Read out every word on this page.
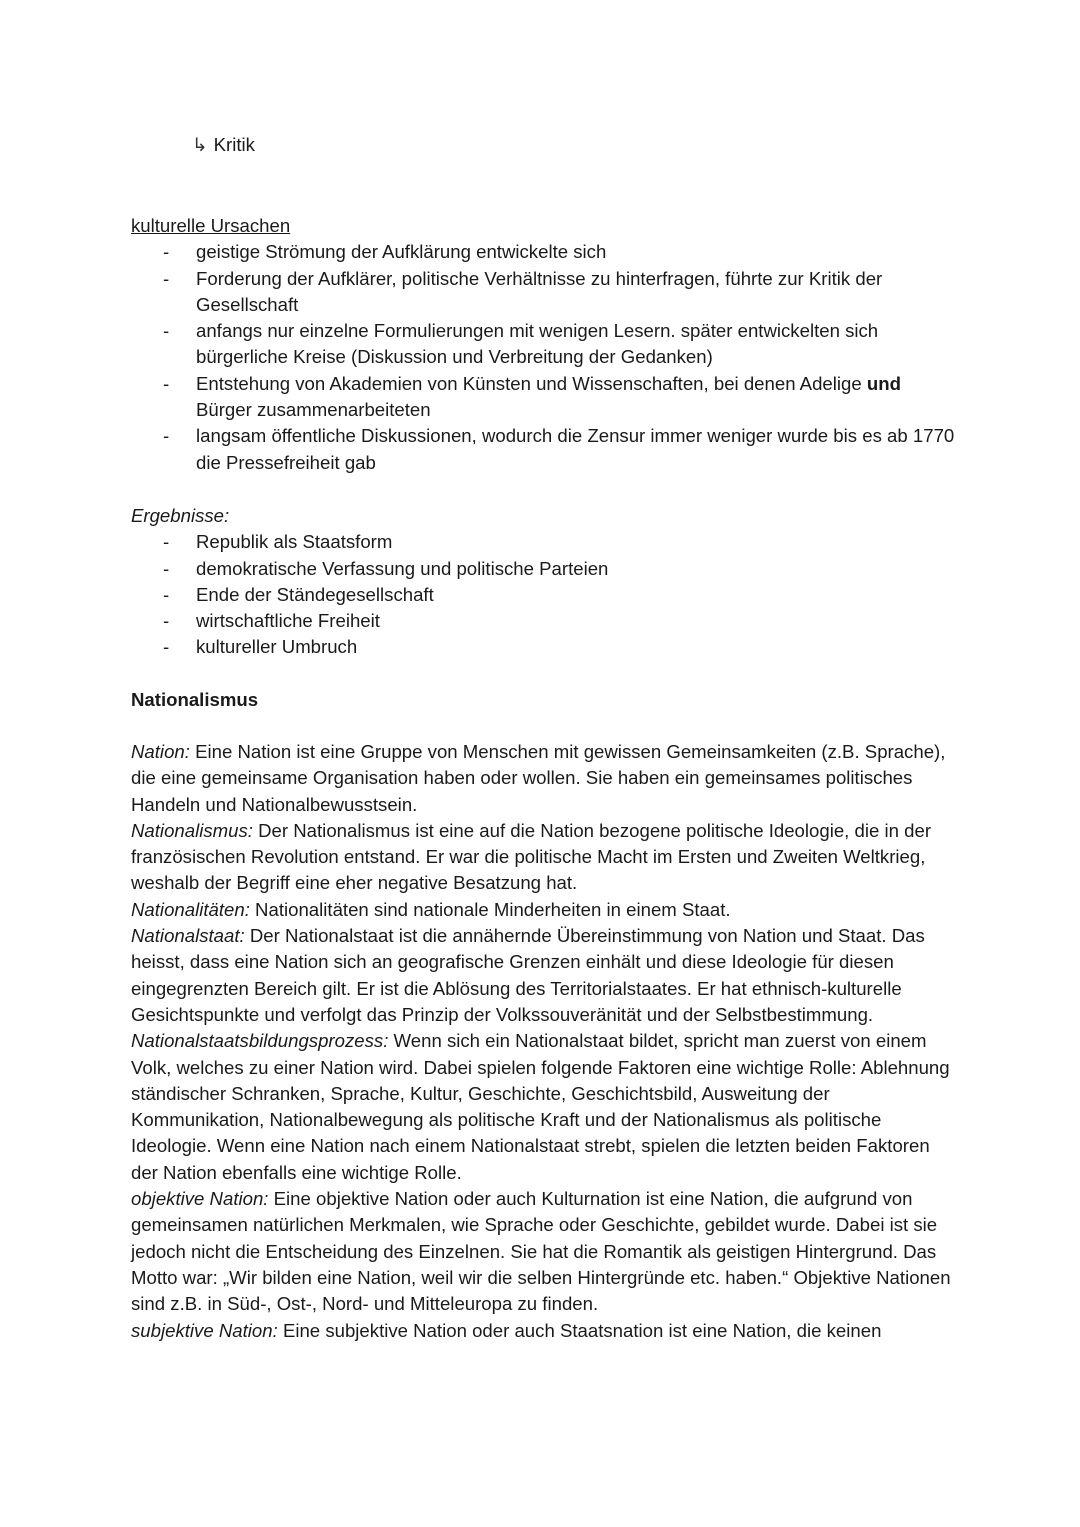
↳ Kritik
kulturelle Ursachen
- geistige Strömung der Aufklärung entwickelte sich
- Forderung der Aufklärer, politische Verhältnisse zu hinterfragen, führte zur Kritik der Gesellschaft
- anfangs nur einzelne Formulierungen mit wenigen Lesern. später entwickelten sich bürgerliche Kreise (Diskussion und Verbreitung der Gedanken)
- Entstehung von Akademien von Künsten und Wissenschaften, bei denen Adelige und Bürger zusammenarbeiteten
- langsam öffentliche Diskussionen, wodurch die Zensur immer weniger wurde bis es ab 1770 die Pressefreiheit gab
Ergebnisse:
- Republik als Staatsform
- demokratische Verfassung und politische Parteien
- Ende der Ständegesellschaft
- wirtschaftliche Freiheit
- kultureller Umbruch
Nationalismus

Nation: Eine Nation ist eine Gruppe von Menschen mit gewissen Gemeinsamkeiten (z.B. Sprache), die eine gemeinsame Organisation haben oder wollen. Sie haben ein gemeinsames politisches Handeln und Nationalbewusstsein.

Nationalismus: Der Nationalismus ist eine auf die Nation bezogene politische Ideologie, die in der französischen Revolution entstand. Er war die politische Macht im Ersten und Zweiten Weltkrieg, weshalb der Begriff eine eher negative Besatzung hat.

Nationalitäten: Nationalitäten sind nationale Minderheiten in einem Staat.

Nationalstaat: Der Nationalstaat ist die annähernde Übereinstimmung von Nation und Staat. Das heisst, dass eine Nation sich an geografische Grenzen einhält und diese Ideologie für diesen eingegrenzten Bereich gilt. Er ist die Ablösung des Territorialstaates. Er hat ethnisch-kulturelle Gesichtspunkte und verfolgt das Prinzip der Volkssouveränität und der Selbstbestimmung.

Nationalstaatsbildungsprozess: Wenn sich ein Nationalstaat bildet, spricht man zuerst von einem Volk, welches zu einer Nation wird. Dabei spielen folgende Faktoren eine wichtige Rolle: Ablehnung ständischer Schranken, Sprache, Kultur, Geschichte, Geschichtsbild, Ausweitung der Kommunikation, Nationalbewegung als politische Kraft und der Nationalismus als politische Ideologie. Wenn eine Nation nach einem Nationalstaat strebt, spielen die letzten beiden Faktoren der Nation ebenfalls eine wichtige Rolle.

objektive Nation: Eine objektive Nation oder auch Kulturnation ist eine Nation, die aufgrund von gemeinsamen natürlichen Merkmalen, wie Sprache oder Geschichte, gebildet wurde. Dabei ist sie jedoch nicht die Entscheidung des Einzelnen. Sie hat die Romantik als geistigen Hintergrund. Das Motto war: „Wir bilden eine Nation, weil wir die selben Hintergründe etc. haben.“ Objektive Nationen sind z.B. in Süd-, Ost-, Nord- und Mitteleuropa zu finden.

subjektive Nation: Eine subjektive Nation oder auch Staatsnation ist eine Nation, die keinen
